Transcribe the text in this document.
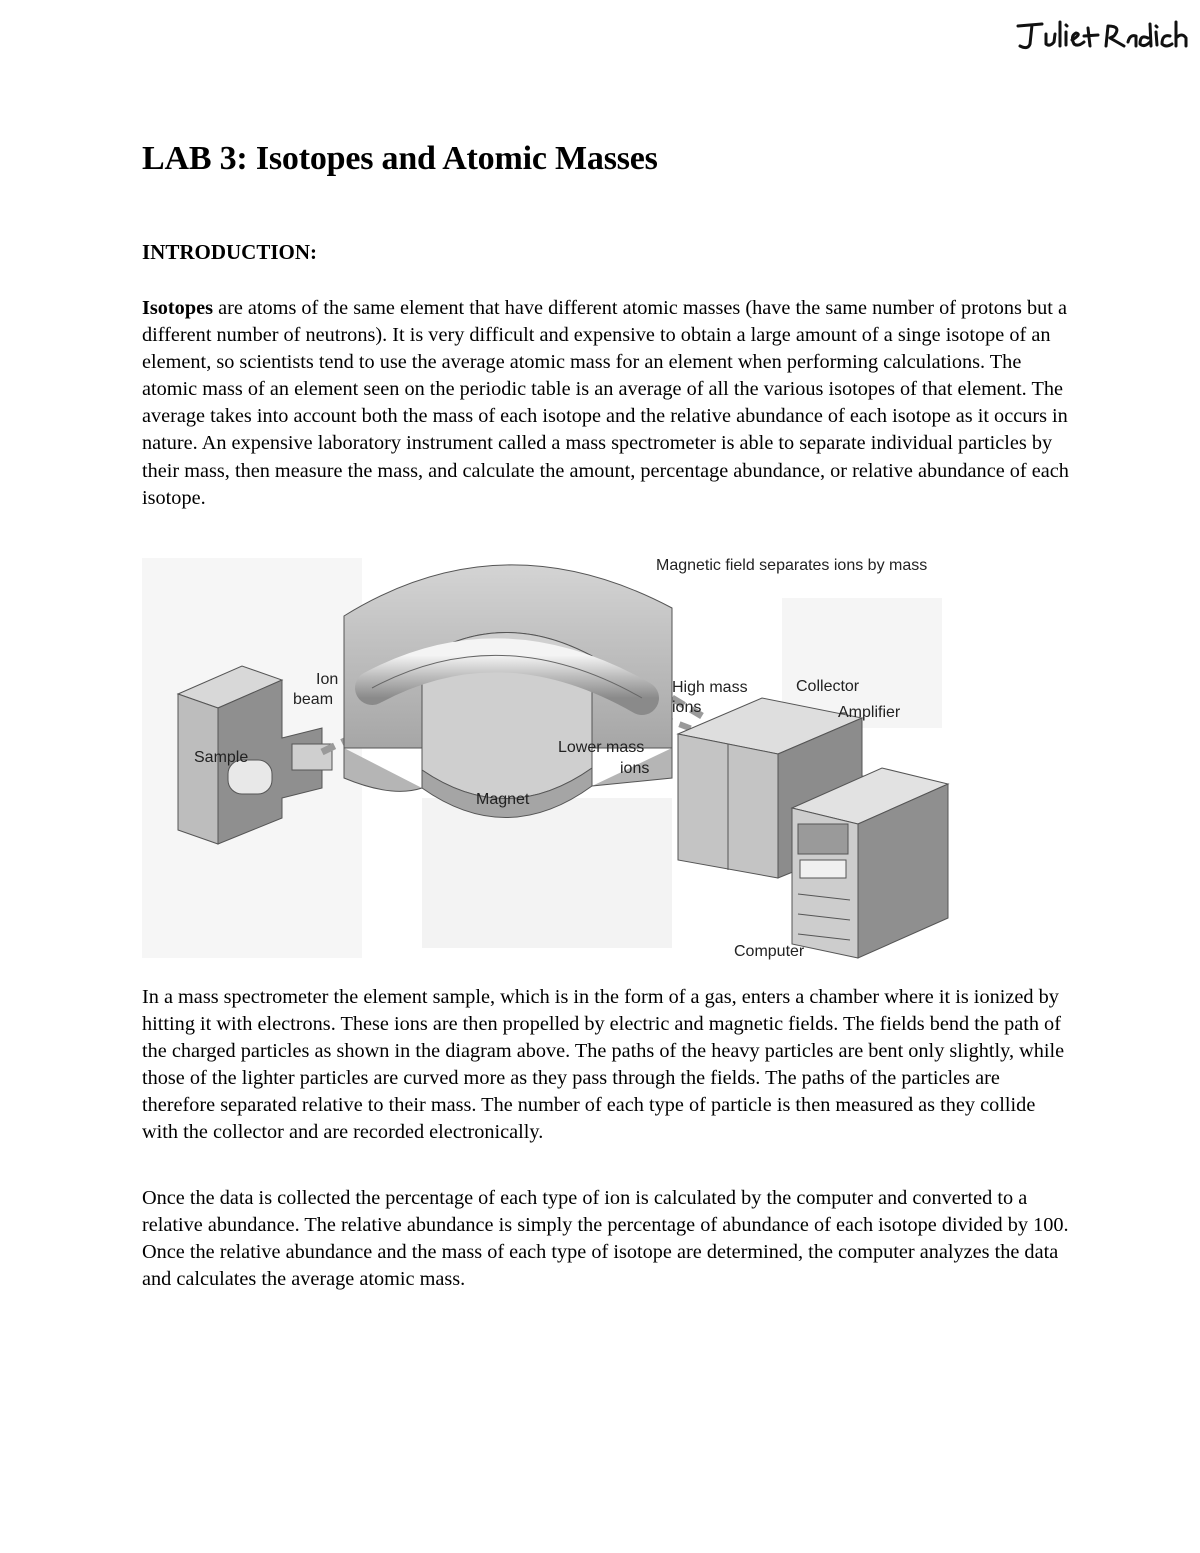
LAB 3: Isotopes and Atomic Masses
INTRODUCTION:

Isotopes are atoms of the same element that have different atomic masses (have the same number of protons but a different number of neutrons). It is very difficult and expensive to obtain a large amount of a singe isotope of an element, so scientists tend to use the average atomic mass for an element when performing calculations. The atomic mass of an element seen on the periodic table is an average of all the various isotopes of that element. The average takes into account both the mass of each isotope and the relative abundance of each isotope as it occurs in nature. An expensive laboratory instrument called a mass spectrometer is able to separate individual particles by their mass, then measure the mass, and calculate the amount, percentage abundance, or relative abundance of each isotope.

Magnetic field separates ions by mass
Ion
beam
Sample
High mass
ions
Collector
Amplifier
Lower mass
ions
Magnet
Computer

In a mass spectrometer the element sample, which is in the form of a gas, enters a chamber where it is ionized by hitting it with electrons. These ions are then propelled by electric and magnetic fields. The fields bend the path of the charged particles as shown in the diagram above. The paths of the heavy particles are bent only slightly, while those of the lighter particles are curved more as they pass through the fields. The paths of the particles are therefore separated relative to their mass. The number of each type of particle is then measured as they collide with the collector and are recorded electronically.

Once the data is collected the percentage of each type of ion is calculated by the computer and converted to a relative abundance. The relative abundance is simply the percentage of abundance of each isotope divided by 100. Once the relative abundance and the mass of each type of isotope are determined, the computer analyzes the data and calculates the average atomic mass.
